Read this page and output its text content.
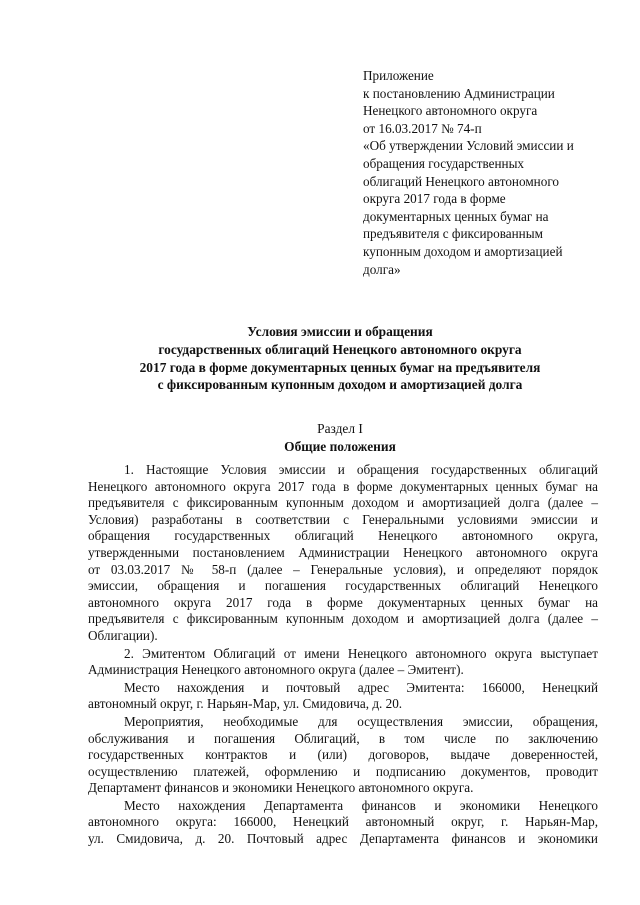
Приложение
к постановлению Администрации
Ненецкого автономного округа
от 16.03.2017 № 74-п
«Об утверждении Условий эмиссии и
обращения государственных
облигаций Ненецкого автономного
округа 2017 года в форме
документарных ценных бумаг на
предъявителя с фиксированным
купонным доходом и амортизацией
долга»
Условия эмиссии и обращения
государственных облигаций Ненецкого автономного округа
2017 года в форме документарных ценных бумаг на предъявителя
с фиксированным купонным доходом и амортизацией долга
Раздел I
Общие положения
1. Настоящие Условия эмиссии и обращения государственных облигаций
Ненецкого автономного округа 2017 года в форме документарных ценных бумаг на
предъявителя с фиксированным купонным доходом и амортизацией долга (далее –
Условия) разработаны в соответствии с Генеральными условиями эмиссии и
обращения государственных облигаций Ненецкого автономного округа,
утвержденными постановлением Администрации Ненецкого автономного округа
от 03.03.2017 № 58-п (далее – Генеральные условия), и определяют порядок
эмиссии, обращения и погашения государственных облигаций Ненецкого
автономного округа 2017 года в форме документарных ценных бумаг на
предъявителя с фиксированным купонным доходом и амортизацией долга (далее –
Облигации).
2. Эмитентом Облигаций от имени Ненецкого автономного округа выступает
Администрация Ненецкого автономного округа (далее – Эмитент).
Место нахождения и почтовый адрес Эмитента: 166000, Ненецкий
автономный округ, г. Нарьян-Мар, ул. Смидовича, д. 20.
Мероприятия, необходимые для осуществления эмиссии, обращения,
обслуживания и погашения Облигаций, в том числе по заключению
государственных контрактов и (или) договоров, выдаче доверенностей,
осуществлению платежей, оформлению и подписанию документов, проводит
Департамент финансов и экономики Ненецкого автономного округа.
Место нахождения Департамента финансов и экономики Ненецкого
автономного округа: 166000, Ненецкий автономный округ, г. Нарьян-Мар,
ул. Смидовича, д. 20. Почтовый адрес Департамента финансов и экономики
